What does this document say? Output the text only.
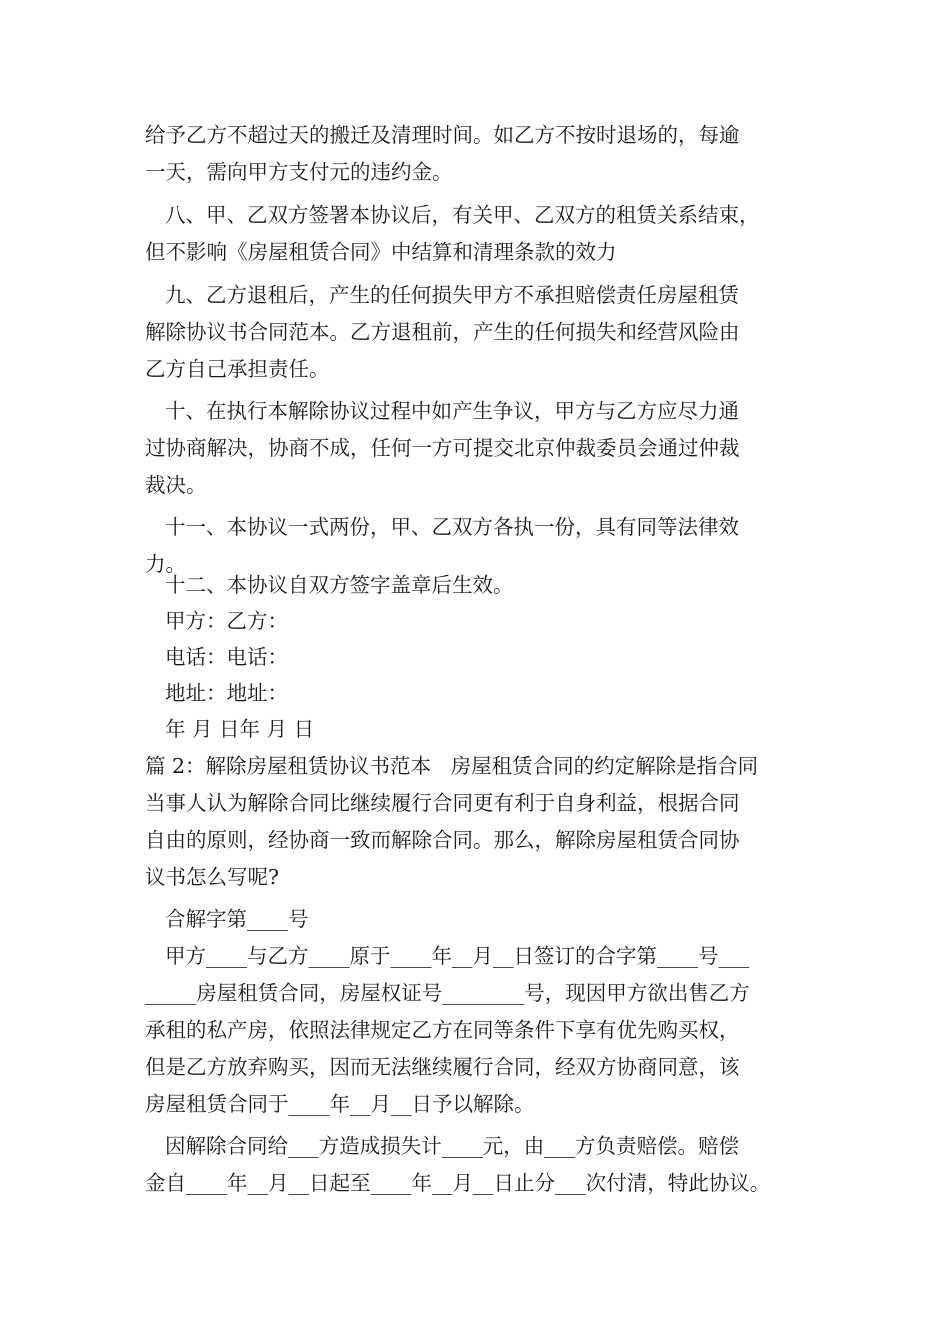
给予乙方不超过天的搬迁及清理时间。如乙方不按时退场的，每逾
一天，需向甲方支付元的违约金。
八、甲、乙双方签署本协议后，有关甲、乙双方的租赁关系结束，
但不影响《房屋租赁合同》中结算和清理条款的效力
九、乙方退租后，产生的任何损失甲方不承担赔偿责任房屋租赁
解除协议书合同范本。乙方退租前，产生的任何损失和经营风险由
乙方自己承担责任。
十、在执行本解除协议过程中如产生争议，甲方与乙方应尽力通
过协商解决，协商不成，任何一方可提交北京仲裁委员会通过仲裁
裁决。
十一、本协议一式两份，甲、乙双方各执一份，具有同等法律效
力。
十二、本协议自双方签字盖章后生效。
甲方：乙方：
电话：电话：
地址：地址：
年 月 日年 月 日
篇 2：解除房屋租赁协议书范本   房屋租赁合同的约定解除是指合同
当事人认为解除合同比继续履行合同更有利于自身利益，根据合同
自由的原则，经协商一致而解除合同。那么，解除房屋租赁合同协
议书怎么写呢?
合解字第____号
甲方____与乙方____原于____年__月__日签订的合字第____号___
_____房屋租赁合同，房屋权证号________号，现因甲方欲出售乙方
承租的私产房，依照法律规定乙方在同等条件下享有优先购买权，
但是乙方放弃购买，因而无法继续履行合同，经双方协商同意，该
房屋租赁合同于____年__月__日予以解除。
因解除合同给___方造成损失计____元，由___方负责赔偿。赔偿
金自____年__月__日起至____年__月__日止分___次付清，特此协议。
